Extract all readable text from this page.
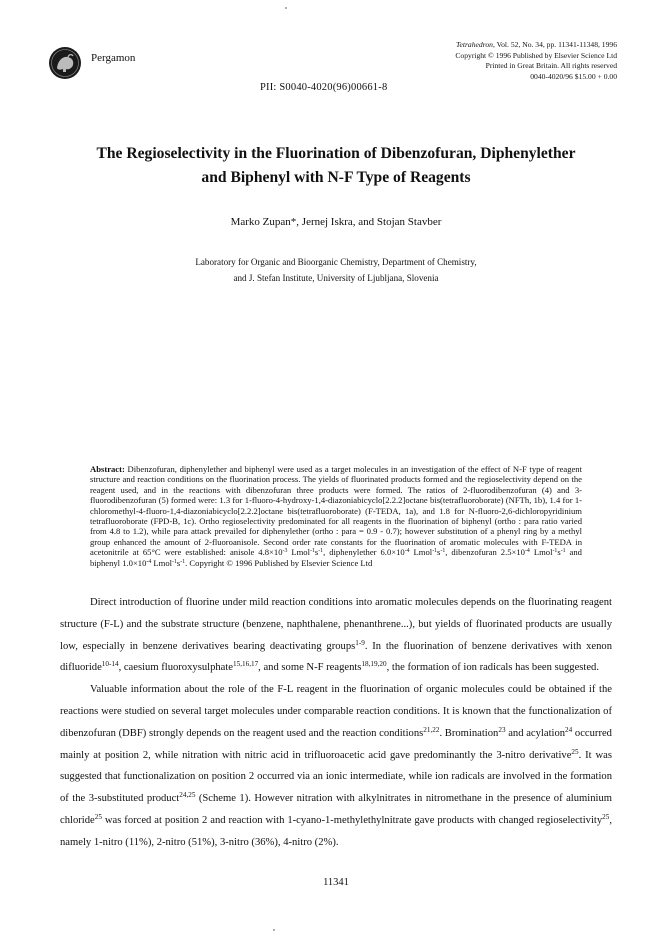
Pergamon
Tetrahedron, Vol. 52, No. 34, pp. 11341-11348, 1996
Copyright © 1996 Published by Elsevier Science Ltd
Printed in Great Britain. All rights reserved
0040-4020/96 $15.00 + 0.00
PII: S0040-4020(96)00661-8
The Regioselectivity in the Fluorination of Dibenzofuran, Diphenylether
and Biphenyl with N-F Type of Reagents
Marko Zupan*, Jernej Iskra, and Stojan Stavber
Laboratory for Organic and Bioorganic Chemistry, Department of Chemistry,
and J. Stefan Institute, University of Ljubljana, Slovenia
Abstract: Dibenzofuran, diphenylether and biphenyl were used as a target molecules in an investigation of the effect of N-F type of reagent structure and reaction conditions on the fluorination process. The yields of fluorinated products formed and the regioselectivity depend on the reagent used, and in the reactions with dibenzofuran three products were formed. The ratios of 2-fluorodibenzofuran (4) and 3-fluorodibenzofuran (5) formed were: 1.3 for 1-fluoro-4-hydroxy-1,4-diazoniabicyclo[2.2.2]octane bis(tetrafluoroborate) (NFTh, 1b), 1.4 for 1-chloromethyl-4-fluoro-1,4-diazoniabicyclo[2.2.2]octane bis(tetrafluoroborate) (F-TEDA, 1a), and 1.8 for N-fluoro-2,6-dichloropyridinium tetrafluoroborate (FPD-B, 1c). Ortho regioselectivity predominated for all reagents in the fluorination of biphenyl (ortho : para ratio varied from 4.8 to 1.2), while para attack prevailed for diphenylether (ortho : para = 0.9 - 0.7); however substitution of a phenyl ring by a methyl group enhanced the amount of 2-fluoroanisole. Second order rate constants for the fluorination of aromatic molecules with F-TEDA in acetonitrile at 65°C were established: anisole $4.8\times 10^{-3}$ $Lmol^{-1}s^{-1}$, diphenylether $6.0\times 10^{-4}$ $Lmol^{-1}s^{-1}$, dibenzofuran $2.5\times 10^{-4}$ $Lmol^{-1}s^{-1}$ and biphenyl $1.0\times 10^{-4}$ $Lmol^{-1}s^{-1}$. Copyright © 1996 Published by Elsevier Science Ltd

Direct introduction of fluorine under mild reaction conditions into aromatic molecules depends on the fluorinating reagent structure (F-L) and the substrate structure (benzene, naphthalene, phenanthrene...), but yields of fluorinated products are usually low, especially in benzene derivatives bearing deactivating groups$^{1-9}$. In the fluorination of benzene derivatives with xenon difluoride$^{10-14}$, caesium fluoroxysulphate$^{15,16,17}$, and some N-F reagents$^{18,19,20}$, the formation of ion radicals has been suggested.

Valuable information about the role of the F-L reagent in the fluorination of organic molecules could be obtained if the reactions were studied on several target molecules under comparable reaction conditions. It is known that the functionalization of dibenzofuran (DBF) strongly depends on the reagent used and the reaction conditions$^{21,22}$. Bromination$^{23}$ and acylation$^{24}$ occurred mainly at position 2, while nitration with nitric acid in trifluoroacetic acid gave predominantly the 3-nitro derivative$^{25}$. It was suggested that functionalization on position 2 occurred via an ionic intermediate, while ion radicals are involved in the formation of the 3-substituted product$^{24,25}$ (Scheme 1). However nitration with alkylnitrates in nitromethane in the presence of aluminium chloride$^{25}$ was forced at position 2 and reaction with 1-cyano-1-methylethylnitrate gave products with changed regioselectivity$^{25}$, namely 1-nitro (11%), 2-nitro (51%), 3-nitro (36%), 4-nitro (2%).

11341
